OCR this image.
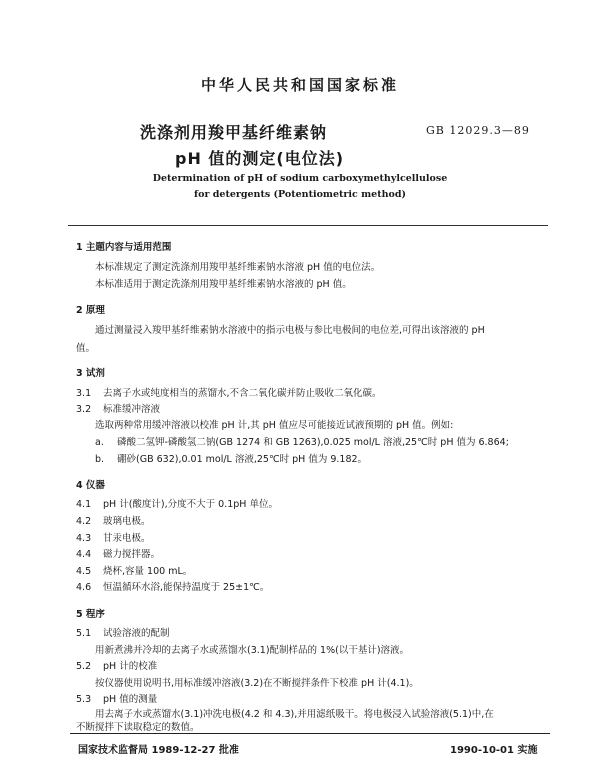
中华人民共和国国家标准
洗涤剂用羧甲基纤维素钠	GB 12029.3—89
pH 值的测定(电位法)
Determination of pH of sodium carboxymethylcellulose
for detergents (Potentiometric method)
1 主题内容与适用范围
本标准规定了测定洗涤剂用羧甲基纤维素钠水溶液 pH 值的电位法。
本标准适用于测定洗涤剂用羧甲基纤维素钠水溶液的 pH 值。
2 原理
通过测量浸入羧甲基纤维素钠水溶液中的指示电极与参比电极间的电位差,可得出该溶液的 pH
值。
3 试剂
3.1 去离子水或纯度相当的蒸馏水,不含二氧化碳并防止吸收二氧化碳。
3.2 标准缓冲溶液
选取两种常用缓冲溶液以校准 pH 计,其 pH 值应尽可能接近试液预期的 pH 值。例如:
a. 磷酸二氢钾-磷酸氢二钠(GB 1274 和 GB 1263),0.025 mol/L 溶液,25℃时 pH 值为 6.864;
b. 硼砂(GB 632),0.01 mol/L 溶液,25℃时 pH 值为 9.182。
4 仪器
4.1 pH 计(酸度计),分度不大于 0.1pH 单位。
4.2 玻璃电极。
4.3 甘汞电极。
4.4 磁力搅拌器。
4.5 烧杯,容量 100 mL。
4.6 恒温循环水浴,能保持温度于 25±1℃。
5 程序
5.1 试验溶液的配制
用新煮沸并冷却的去离子水或蒸馏水(3.1)配制样品的 1%(以干基计)溶液。
5.2 pH 计的校准
按仪器使用说明书,用标准缓冲溶液(3.2)在不断搅拌条件下校准 pH 计(4.1)。
5.3 pH 值的测量
用去离子水或蒸馏水(3.1)冲洗电极(4.2 和 4.3),并用滤纸吸干。将电极浸入试验溶液(5.1)中,在
不断搅拌下读取稳定的数值。
国家技术监督局 1989-12-27 批准	1990-10-01 实施
